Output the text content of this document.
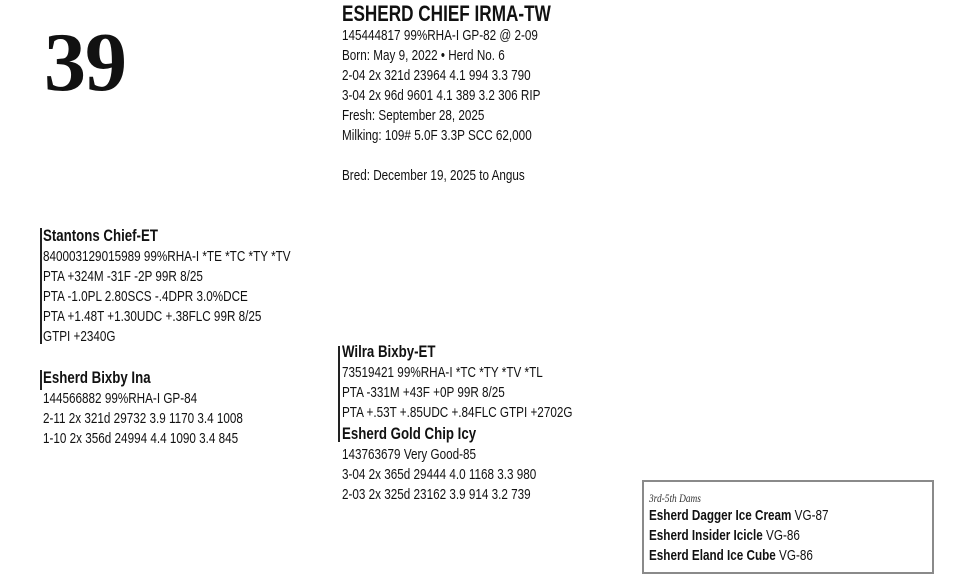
39
ESHERD CHIEF IRMA-TW
145444817 99%RHA-I GP-82 @ 2-09
Born: May 9, 2022 • Herd No. 6
2-04 2x 321d 23964 4.1 994 3.3 790
3-04 2x 96d 9601 4.1 389 3.2 306 RIP
Fresh: September 28, 2025
Milking: 109# 5.0F 3.3P SCC 62,000
Bred: December 19, 2025 to Angus
Stantons Chief-ET
840003129015989 99%RHA-I *TE *TC *TY *TV
PTA +324M -31F -2P 99R 8/25
PTA -1.0PL 2.80SCS -.4DPR 3.0%DCE
PTA +1.48T +1.30UDC +.38FLC 99R 8/25
GTPI +2340G
Esherd Bixby Ina
144566882 99%RHA-I GP-84
2-11 2x 321d 29732 3.9 1170 3.4 1008
1-10 2x 356d 24994 4.4 1090 3.4 845
Wilra Bixby-ET
73519421 99%RHA-I *TC *TY *TV *TL
PTA -331M +43F +0P 99R 8/25
PTA +.53T +.85UDC +.84FLC GTPI +2702G
Esherd Gold Chip Icy
143763679 Very Good-85
3-04 2x 365d 29444 4.0 1168 3.3 980
2-03 2x 325d 23162 3.9 914 3.2 739	3rd-5th Dams
Esherd Dagger Ice Cream VG-87
Esherd Insider Icicle VG-86
Esherd Eland Ice Cube VG-86
